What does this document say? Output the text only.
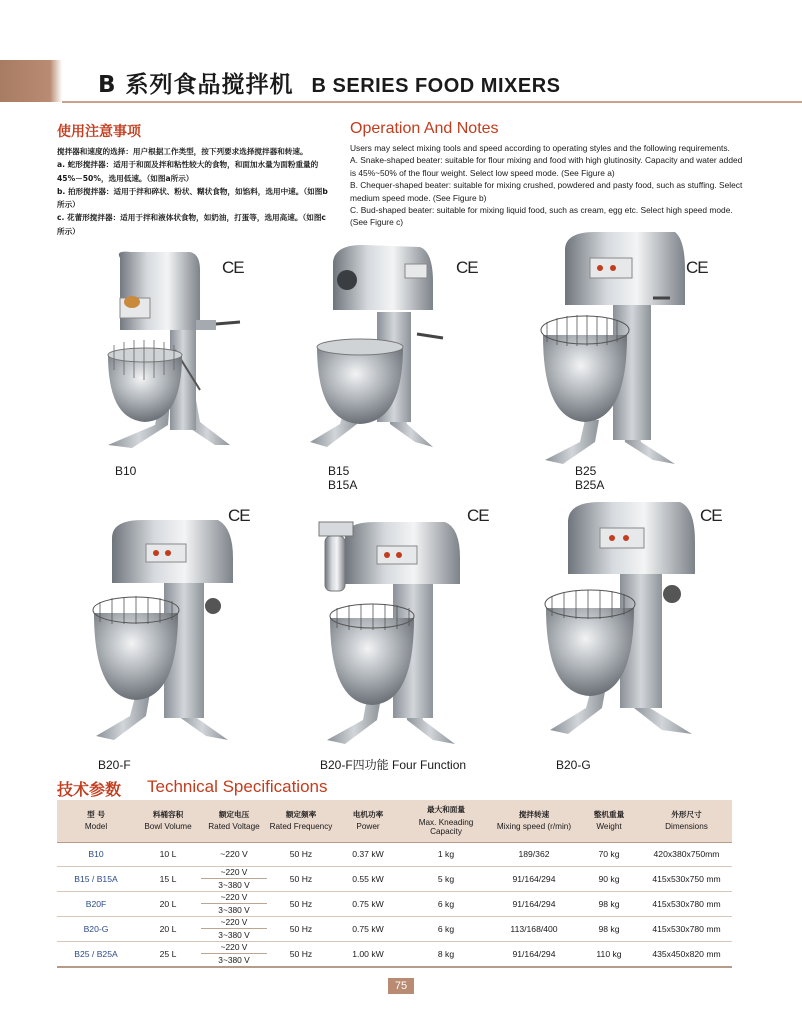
B 系列食品搅拌机 B SERIES FOOD MIXERS
使用注意事项

搅拌器和速度的选择：用户根据工作类型，按下列要求选择搅拌器和转速。

a. 蛇形搅拌器：适用于和面及拌和粘性较大的食物，和面加水量为面粉重量的45%－50%，选用低速。（如图a所示）

b. 拍形搅拌器：适用于拌和碎状、粉状、糊状食物，如馅料，选用中速。（如图b所示）

c. 花蕾形搅拌器：适用于拌和液体状食物，如奶油，打蛋等，选用高速。（如图c所示）

Operation And Notes

Users may select mixing tools and speed according to operating styles and the following requirements.

A. Snake-shaped beater: suitable for flour mixing and food with high glutinosity. Capacity and water added is 45%~50% of the flour weight. Select low speed mode. (See Figure a)

B. Chequer-shaped beater: suitable for mixing crushed, powdered and pasty food, such as stuffing. Select medium speed mode. (See Figure b)

C. Bud-shaped beater: suitable for mixing liquid food, such as cream, egg etc. Select high speed mode. (See Figure c)

CE
B10
CE
B15
B15A
CE
B25
B25A
CE
B20-F
CE
B20-F四功能 Four Function
CE
B20-G
技术参数 Technical Specifications
型 号
Model	料桶容积
Bowl Volume	额定电压
Rated Voltage	额定频率
Rated Frequency	电机功率
Power	最大和面量
Max. Kneading Capacity	搅拌转速
Mixing speed (r/min)	整机重量
Weight	外形尺寸
Dimensions
B10	10 L	~220 V	50 Hz	0.37 kW	1 kg	189/362	70 kg	420x380x750mm
B15 / B15A	15 L	~220 V
3~380 V	50 Hz	0.55 kW	5 kg	91/164/294	90 kg	415x530x750 mm
B20F	20 L	~220 V
3~380 V	50 Hz	0.75 kW	6 kg	91/164/294	98 kg	415x530x780 mm
B20-G	20 L	~220 V
3~380 V	50 Hz	0.75 kW	6 kg	113/168/400	98 kg	415x530x780 mm
B25 / B25A	25 L	~220 V
3~380 V	50 Hz	1.00 kW	8 kg	91/164/294	110 kg	435x450x820 mm
75
